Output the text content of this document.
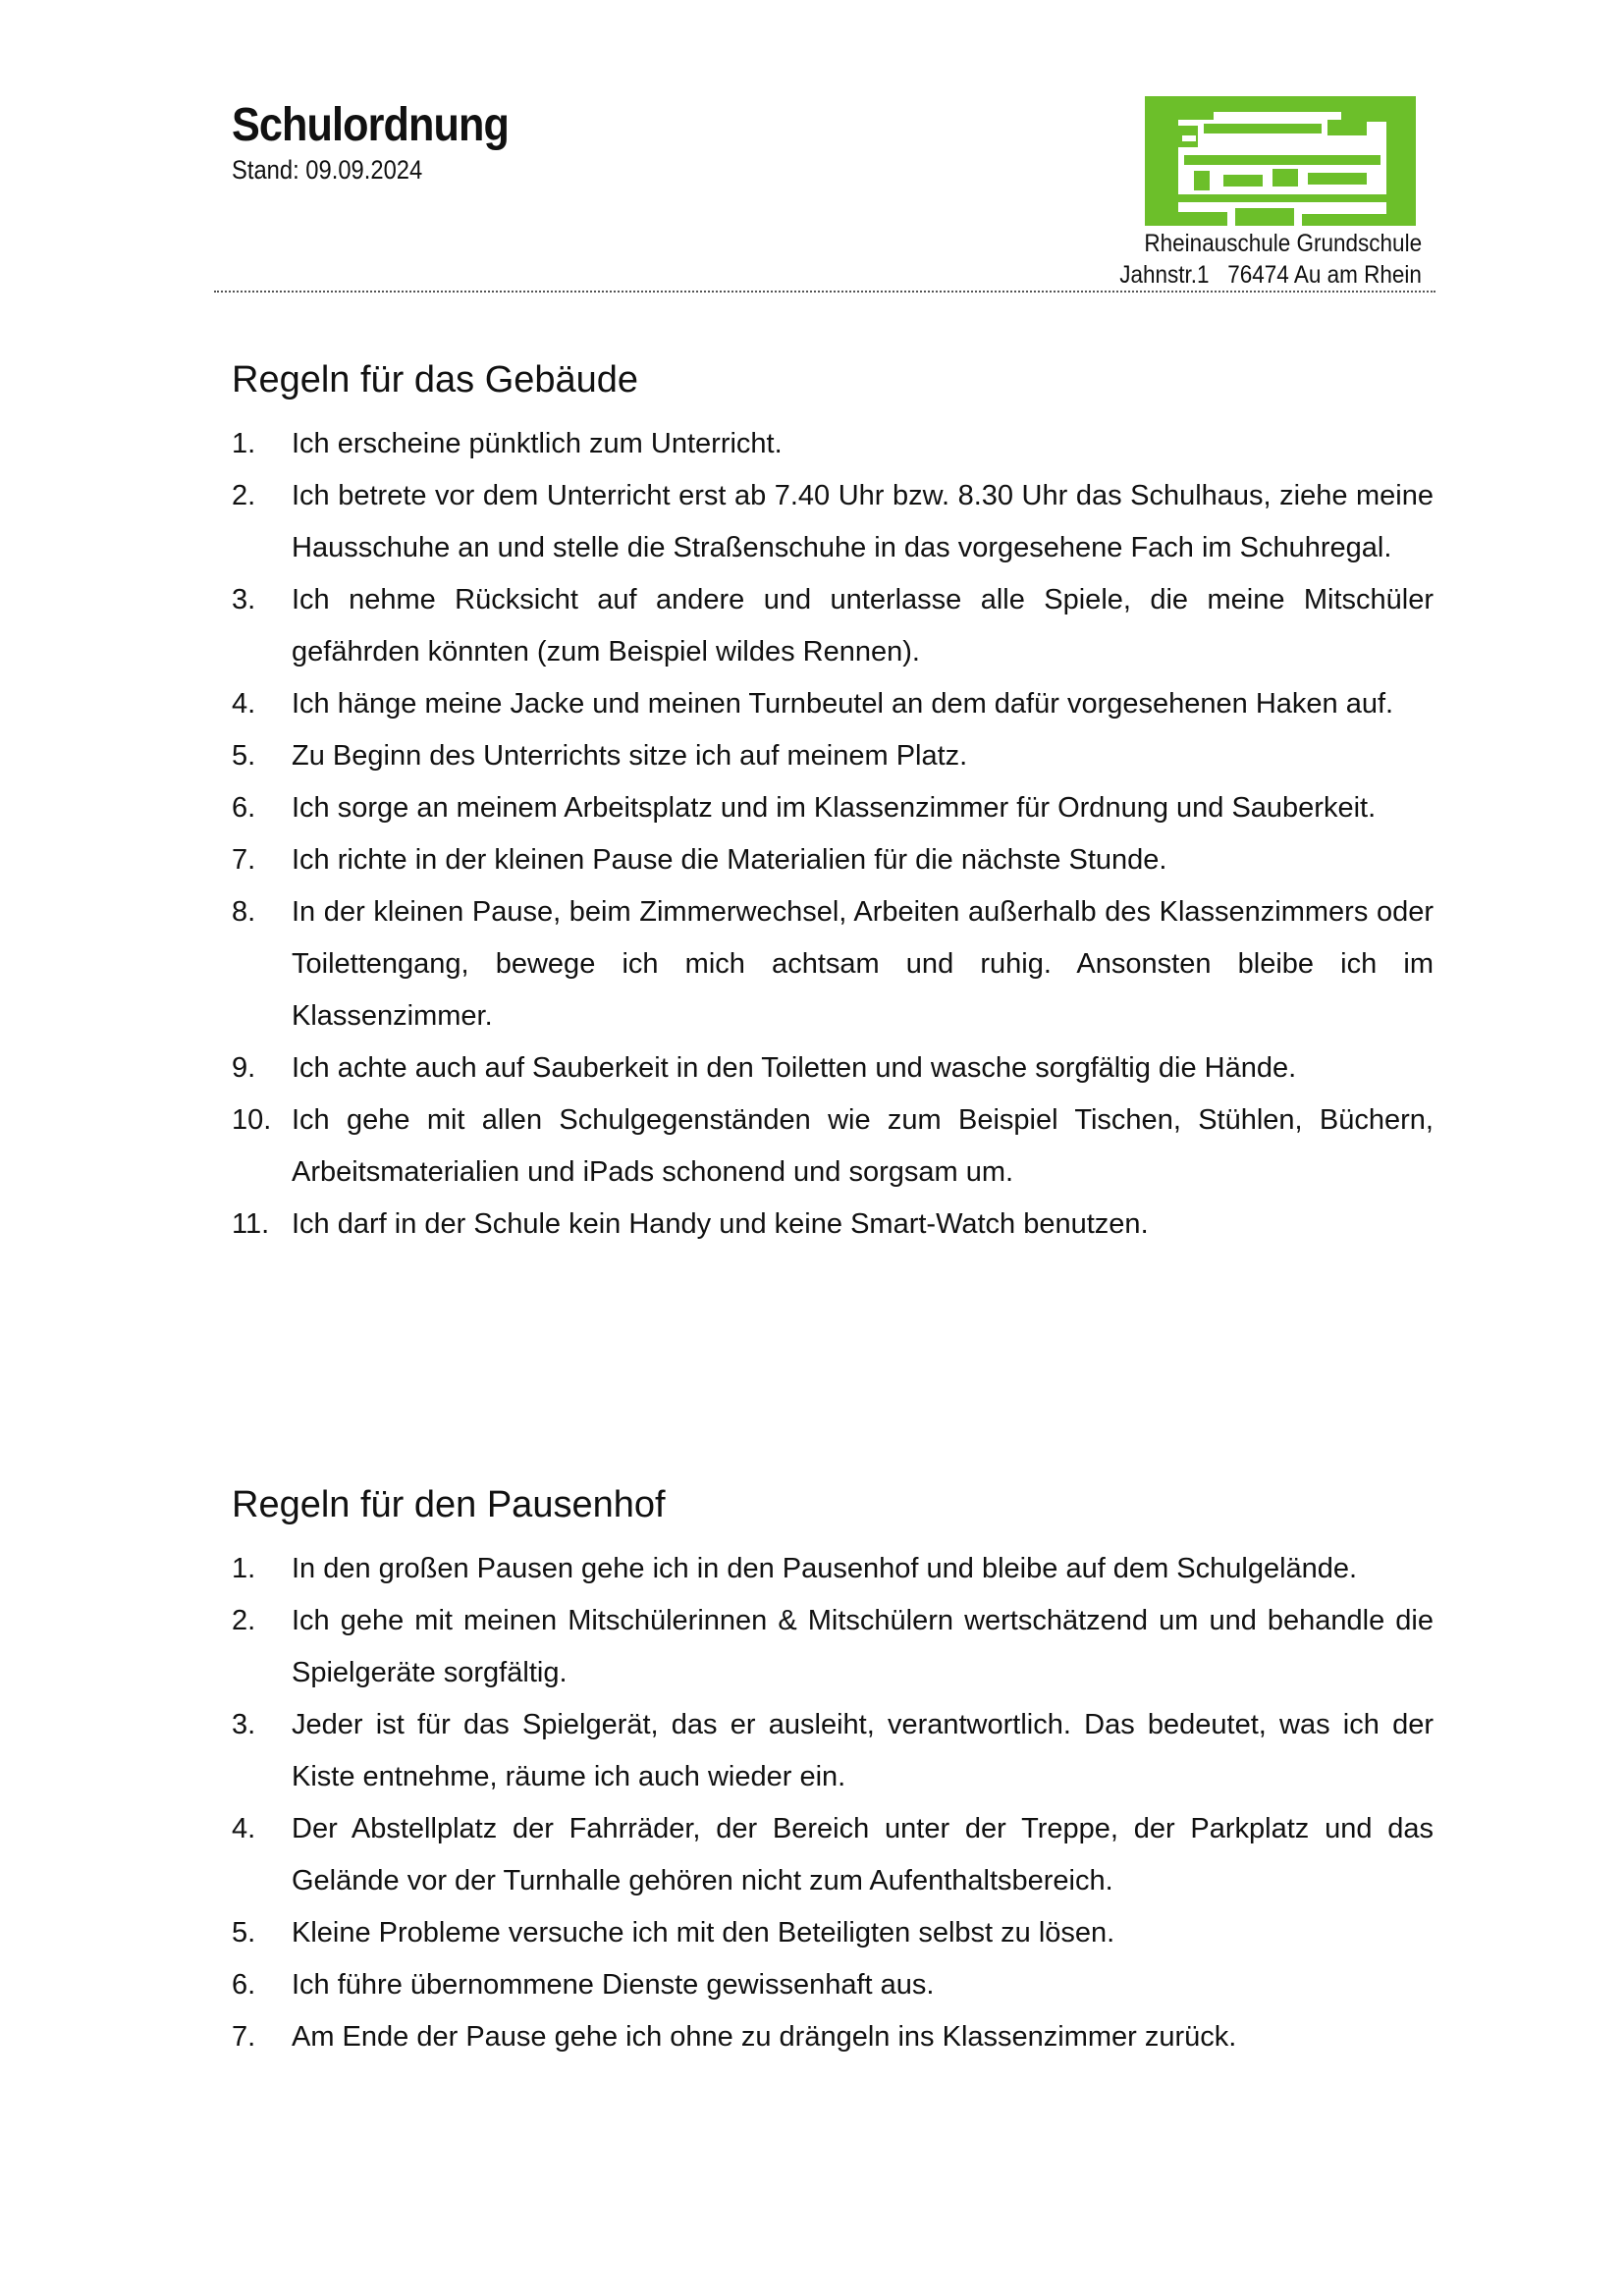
Schulordnung
Stand: 09.09.2024
Rheinauschule Grundschule
Jahnstr.1   76474 Au am Rhein
Regeln für das Gebäude
1.	Ich erscheine pünktlich zum Unterricht.
2.	Ich betrete vor dem Unterricht erst ab 7.40 Uhr bzw. 8.30 Uhr das Schulhaus, ziehe meine Hausschuhe an und stelle die Straßenschuhe in das vorgesehene Fach im Schuhregal.
3.	Ich nehme Rücksicht auf andere und unterlasse alle Spiele, die meine Mitschüler gefährden könnten (zum Beispiel wildes Rennen).
4.	Ich hänge meine Jacke und meinen Turnbeutel an dem dafür vorgesehenen Haken auf.
5.	Zu Beginn des Unterrichts sitze ich auf meinem Platz.
6.	Ich sorge an meinem Arbeitsplatz und im Klassenzimmer für Ordnung und Sauberkeit.
7.	Ich richte in der kleinen Pause die Materialien für die nächste Stunde.
8.	In der kleinen Pause, beim Zimmerwechsel, Arbeiten außerhalb des Klassenzimmers oder Toilettengang, bewege ich mich achtsam und ruhig. Ansonsten bleibe ich im Klassenzimmer.
9.	Ich achte auch auf Sauberkeit in den Toiletten und wasche sorgfältig die Hände.
10. Ich gehe mit allen Schulgegenständen wie zum Beispiel Tischen, Stühlen, Büchern, Arbeitsmaterialien und iPads schonend und sorgsam um.
11. Ich darf in der Schule kein Handy und keine Smart-Watch benutzen.
Regeln für den Pausenhof
1.	In den großen Pausen gehe ich in den Pausenhof und bleibe auf dem Schulgelände.
2.	Ich gehe mit meinen Mitschülerinnen & Mitschülern wertschätzend um und behandle die Spielgeräte sorgfältig.
3.	Jeder ist für das Spielgerät, das er ausleiht, verantwortlich. Das bedeutet, was ich der Kiste entnehme, räume ich auch wieder ein.
4.	Der Abstellplatz der Fahrräder, der Bereich unter der Treppe, der Parkplatz und das Gelände vor der Turnhalle gehören nicht zum Aufenthaltsbereich.
5.	Kleine Probleme versuche ich mit den Beteiligten selbst zu lösen.
6.	Ich führe übernommene Dienste gewissenhaft aus.
7.	Am Ende der Pause gehe ich ohne zu drängeln ins Klassenzimmer zurück.
